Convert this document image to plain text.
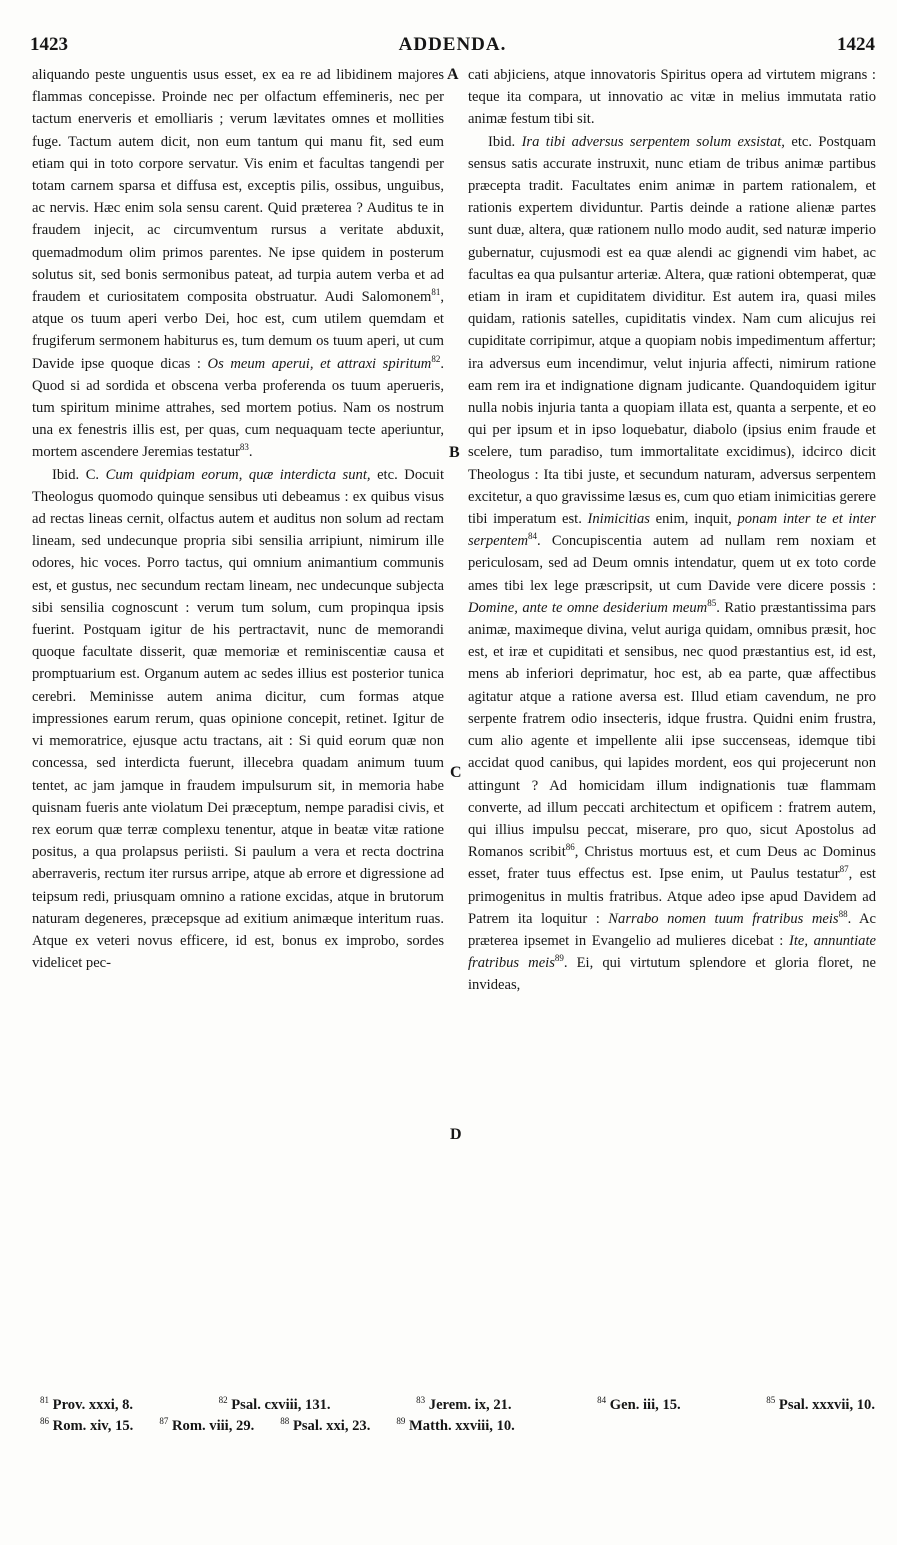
1423	ADDENDA.	1424
A
B
C
D

aliquando peste unguentis usus esset, ex ea re ad libidinem majores flammas concepisse. Proinde nec per olfactum effemineris, nec per tactum enerveris et emolliaris ; verum lævitates omnes et mollities fuge. Tactum autem dicit, non eum tantum qui manu fit, sed eum etiam qui in toto corpore servatur. Vis enim et facultas tangendi per totam carnem sparsa et diffusa est, exceptis pilis, ossibus, unguibus, ac nervis. Hæc enim sola sensu carent. Quid præterea ? Auditus te in fraudem injecit, ac circumventum rursus a veritate abduxit, quemadmodum olim primos parentes. Ne ipse quidem in posterum solutus sit, sed bonis sermonibus pateat, ad turpia autem verba et ad fraudem et curiositatem composita obstruatur. Audi Salomonem$^{81}$, atque os tuum aperi verbo Dei, hoc est, cum utilem quemdam et frugiferum sermonem habiturus es, tum demum os tuum aperi, ut cum Davide ipse quoque dicas : Os meum aperui, et attraxi spiritum$^{82}$. Quod si ad sordida et obscena verba proferenda os tuum aperueris, tum spiritum minime attrahes, sed mortem potius. Nam os nostrum una ex fenestris illis est, per quas, cum nequaquam tecte aperiuntur, mortem ascendere Jeremias testatur$^{83}$.

Ibid. C. Cum quidpiam eorum, quæ interdicta sunt, etc. Docuit Theologus quomodo quinque sensibus uti debeamus : ex quibus visus ad rectas lineas cernit, olfactus autem et auditus non solum ad rectam lineam, sed undecunque propria sibi sensilia arripiunt, nimirum ille odores, hic voces. Porro tactus, qui omnium animantium communis est, et gustus, nec secundum rectam lineam, nec undecunque subjecta sibi sensilia cognoscunt : verum tum solum, cum propinqua ipsis fuerint. Postquam igitur de his pertractavit, nunc de memorandi quoque facultate disserit, quæ memoriæ et reminiscentiæ causa et promptuarium est. Organum autem ac sedes illius est posterior tunica cerebri. Meminisse autem anima dicitur, cum formas atque impressiones earum rerum, quas opinione concepit, retinet. Igitur de vi memoratrice, ejusque actu tractans, ait : Si quid eorum quæ non concessa, sed interdicta fuerunt, illecebra quadam animum tuum tentet, ac jam jamque in fraudem impulsurum sit, in memoria habe quisnam fueris ante violatum Dei præceptum, nempe paradisi civis, et rex eorum quæ terræ complexu tenentur, atque in beatæ vitæ ratione positus, a qua prolapsus periisti. Si paulum a vera et recta doctrina aberraveris, rectum iter rursus arripe, atque ab errore et digressione ad teipsum redi, priusquam omnino a ratione excidas, atque in brutorum naturam degeneres, præcepsque ad exitium animæque interitum ruas. Atque ex veteri novus efficere, id est, bonus ex improbo, sordes videlicet pec-

cati abjiciens, atque innovatoris Spiritus opera ad virtutem migrans : teque ita compara, ut innovatio ac vitæ in melius immutata ratio animæ festum tibi sit.

Ibid. Ira tibi adversus serpentem solum exsistat, etc. Postquam sensus satis accurate instruxit, nunc etiam de tribus animæ partibus præcepta tradit. Facultates enim animæ in partem rationalem, et rationis expertem dividuntur. Partis deinde a ratione alienæ partes sunt duæ, altera, quæ rationem nullo modo audit, sed naturæ imperio gubernatur, cujusmodi est ea quæ alendi ac gignendi vim habet, ac facultas ea qua pulsantur arteriæ. Altera, quæ rationi obtemperat, quæ etiam in iram et cupiditatem dividitur. Est autem ira, quasi miles quidam, rationis satelles, cupiditatis vindex. Nam cum alicujus rei cupiditate corripimur, atque a quopiam nobis impedimentum affertur; ira adversus eum incendimur, velut injuria affecti, nimirum ratione eam rem ira et indignatione dignam judicante. Quandoquidem igitur nulla nobis injuria tanta a quopiam illata est, quanta a serpente, et eo qui per ipsum et in ipso loquebatur, diabolo (ipsius enim fraude et scelere, tum paradiso, tum immortalitate excidimus), idcirco dicit Theologus : Ita tibi juste, et secundum naturam, adversus serpentem excitetur, a quo gravissime læsus es, cum quo etiam inimicitias gerere tibi imperatum est. Inimicitias enim, inquit, ponam inter te et inter serpentem$^{84}$. Concupiscentia autem ad nullam rem noxiam et periculosam, sed ad Deum omnis intendatur, quem ut ex toto corde ames tibi lex lege præscripsit, ut cum Davide vere dicere possis : Domine, ante te omne desiderium meum$^{85}$. Ratio præstantissima pars animæ, maximeque divina, velut auriga quidam, omnibus præsit, hoc est, et iræ et cupiditati et sensibus, nec quod præstantius est, id est, mens ab inferiori deprimatur, hoc est, ab ea parte, quæ affectibus agitatur atque a ratione aversa est. Illud etiam cavendum, ne pro serpente fratrem odio insecteris, idque frustra. Quidni enim frustra, cum alio agente et impellente alii ipse succenseas, idemque tibi accidat quod canibus, qui lapides mordent, eos qui projecerunt non attingunt ? Ad homicidam illum indignationis tuæ flammam converte, ad illum peccati architectum et opificem : fratrem autem, qui illius impulsu peccat, miserare, pro quo, sicut Apostolus ad Romanos scribit$^{86}$, Christus mortuus est, et cum Deus ac Dominus esset, frater tuus effectus est. Ipse enim, ut Paulus testatur$^{87}$, est primogenitus in multis fratribus. Atque adeo ipse apud Davidem ad Patrem ita loquitur : Narrabo nomen tuum fratribus meis$^{88}$. Ac præterea ipsemet in Evangelio ad mulieres dicebat : Ite, annuntiate fratribus meis$^{89}$. Ei, qui virtutum splendore et gloria floret, ne invideas,

$^{81}$ Prov. xxxi, 8.	$^{82}$ Psal. cxviii, 131.	$^{83}$ Jerem. ix, 21.	$^{84}$ Gen. iii, 15.	$^{85}$ Psal. xxxvii, 10.
$^{86}$ Rom. xiv, 15.	$^{87}$ Rom. viii, 29.	$^{88}$ Psal. xxi, 23.	$^{89}$ Matth. xxviii, 10.
